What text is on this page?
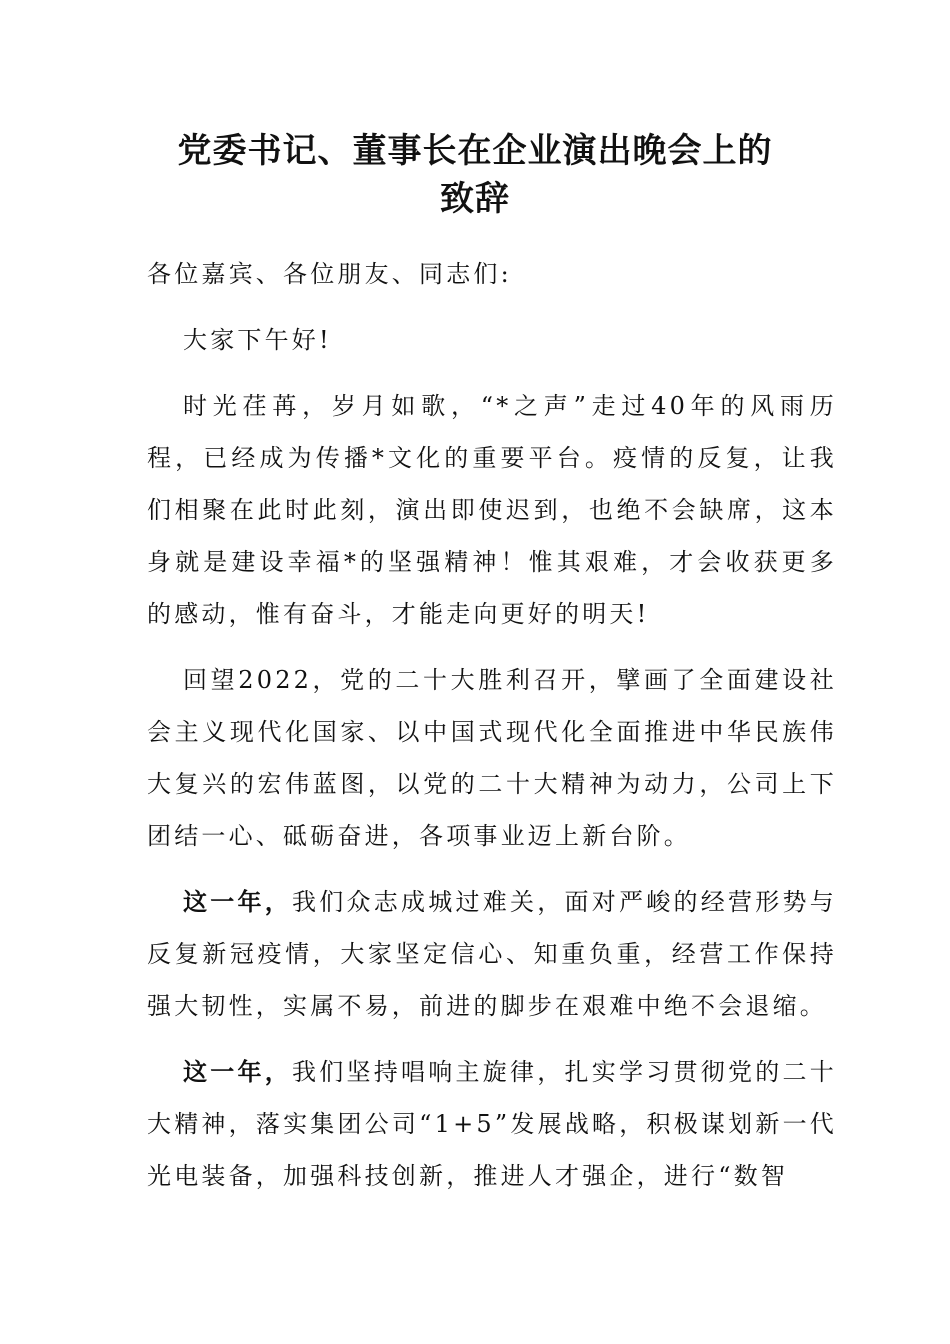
党委书记、董事长在企业演出晚会上的
致辞

各位嘉宾、各位朋友、同志们:

大家下午好!

时光荏苒，岁月如歌，“*之声”走过40年的风雨历程，已经成为传播*文化的重要平台。疫情的反复，让我们相聚在此时此刻，演出即使迟到，也绝不会缺席，这本身就是建设幸福*的坚强精神！惟其艰难，才会收获更多的感动，惟有奋斗，才能走向更好的明天!

回望2022，党的二十大胜利召开，擘画了全面建设社会主义现代化国家、以中国式现代化全面推进中华民族伟大复兴的宏伟蓝图，以党的二十大精神为动力，公司上下团结一心、砥砺奋进，各项事业迈上新台阶。

这一年，我们众志成城过难关，面对严峻的经营形势与反复新冠疫情，大家坚定信心、知重负重，经营工作保持强大韧性，实属不易，前进的脚步在艰难中绝不会退缩。

这一年，我们坚持唱响主旋律，扎实学习贯彻党的二十大精神，落实集团公司“1+5”发展战略，积极谋划新一代光电装备，加强科技创新，推进人才强企，进行“数智
